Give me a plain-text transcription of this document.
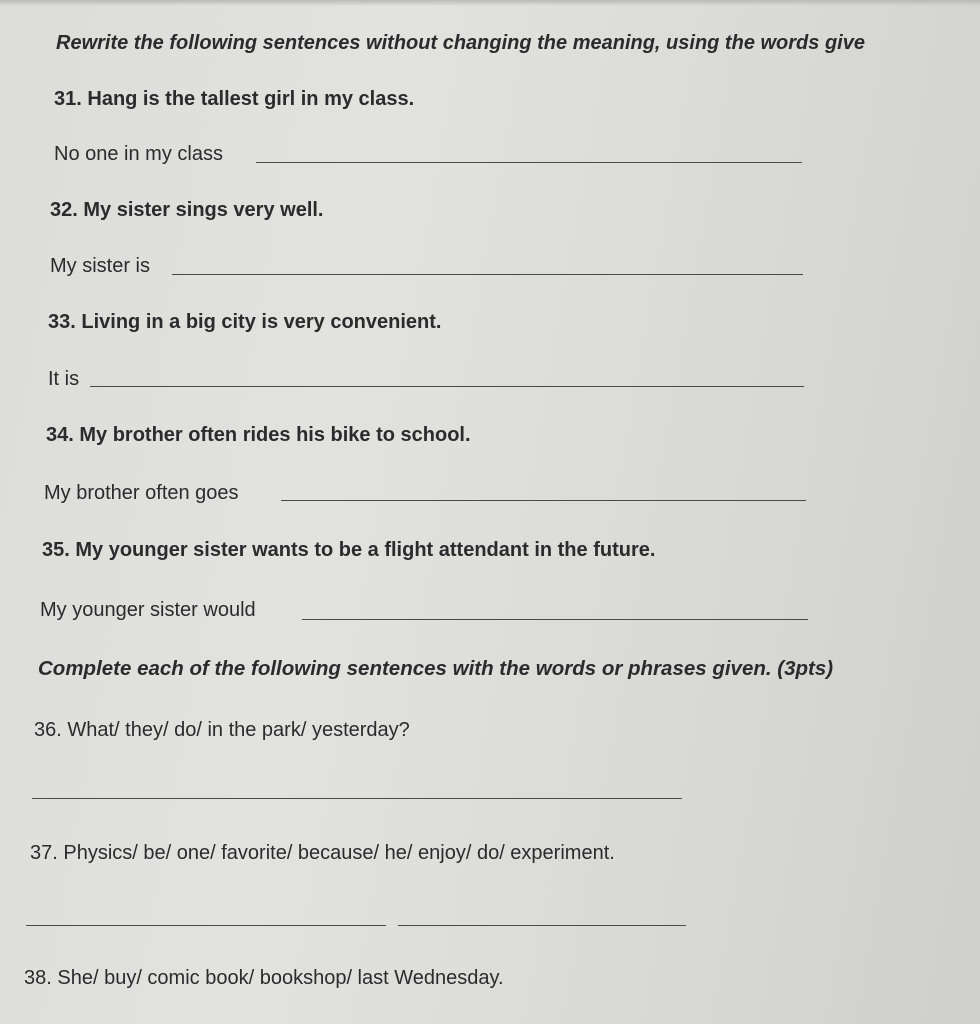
Rewrite the following sentences without changing the meaning, using the words give
31. Hang is the tallest girl in my class.
No one in my class
32. My sister sings very well.
My sister is
33. Living in a big city is very convenient.
It is
34. My brother often rides his bike to school.
My brother often goes
35. My younger sister wants to be a flight attendant in the future.
My younger sister would
Complete each of the following sentences with the words or phrases given. (3pts)
36. What/ they/ do/ in the park/ yesterday?
37. Physics/ be/ one/ favorite/ because/ he/ enjoy/ do/ experiment.
38. She/ buy/ comic book/ bookshop/ last Wednesday.
